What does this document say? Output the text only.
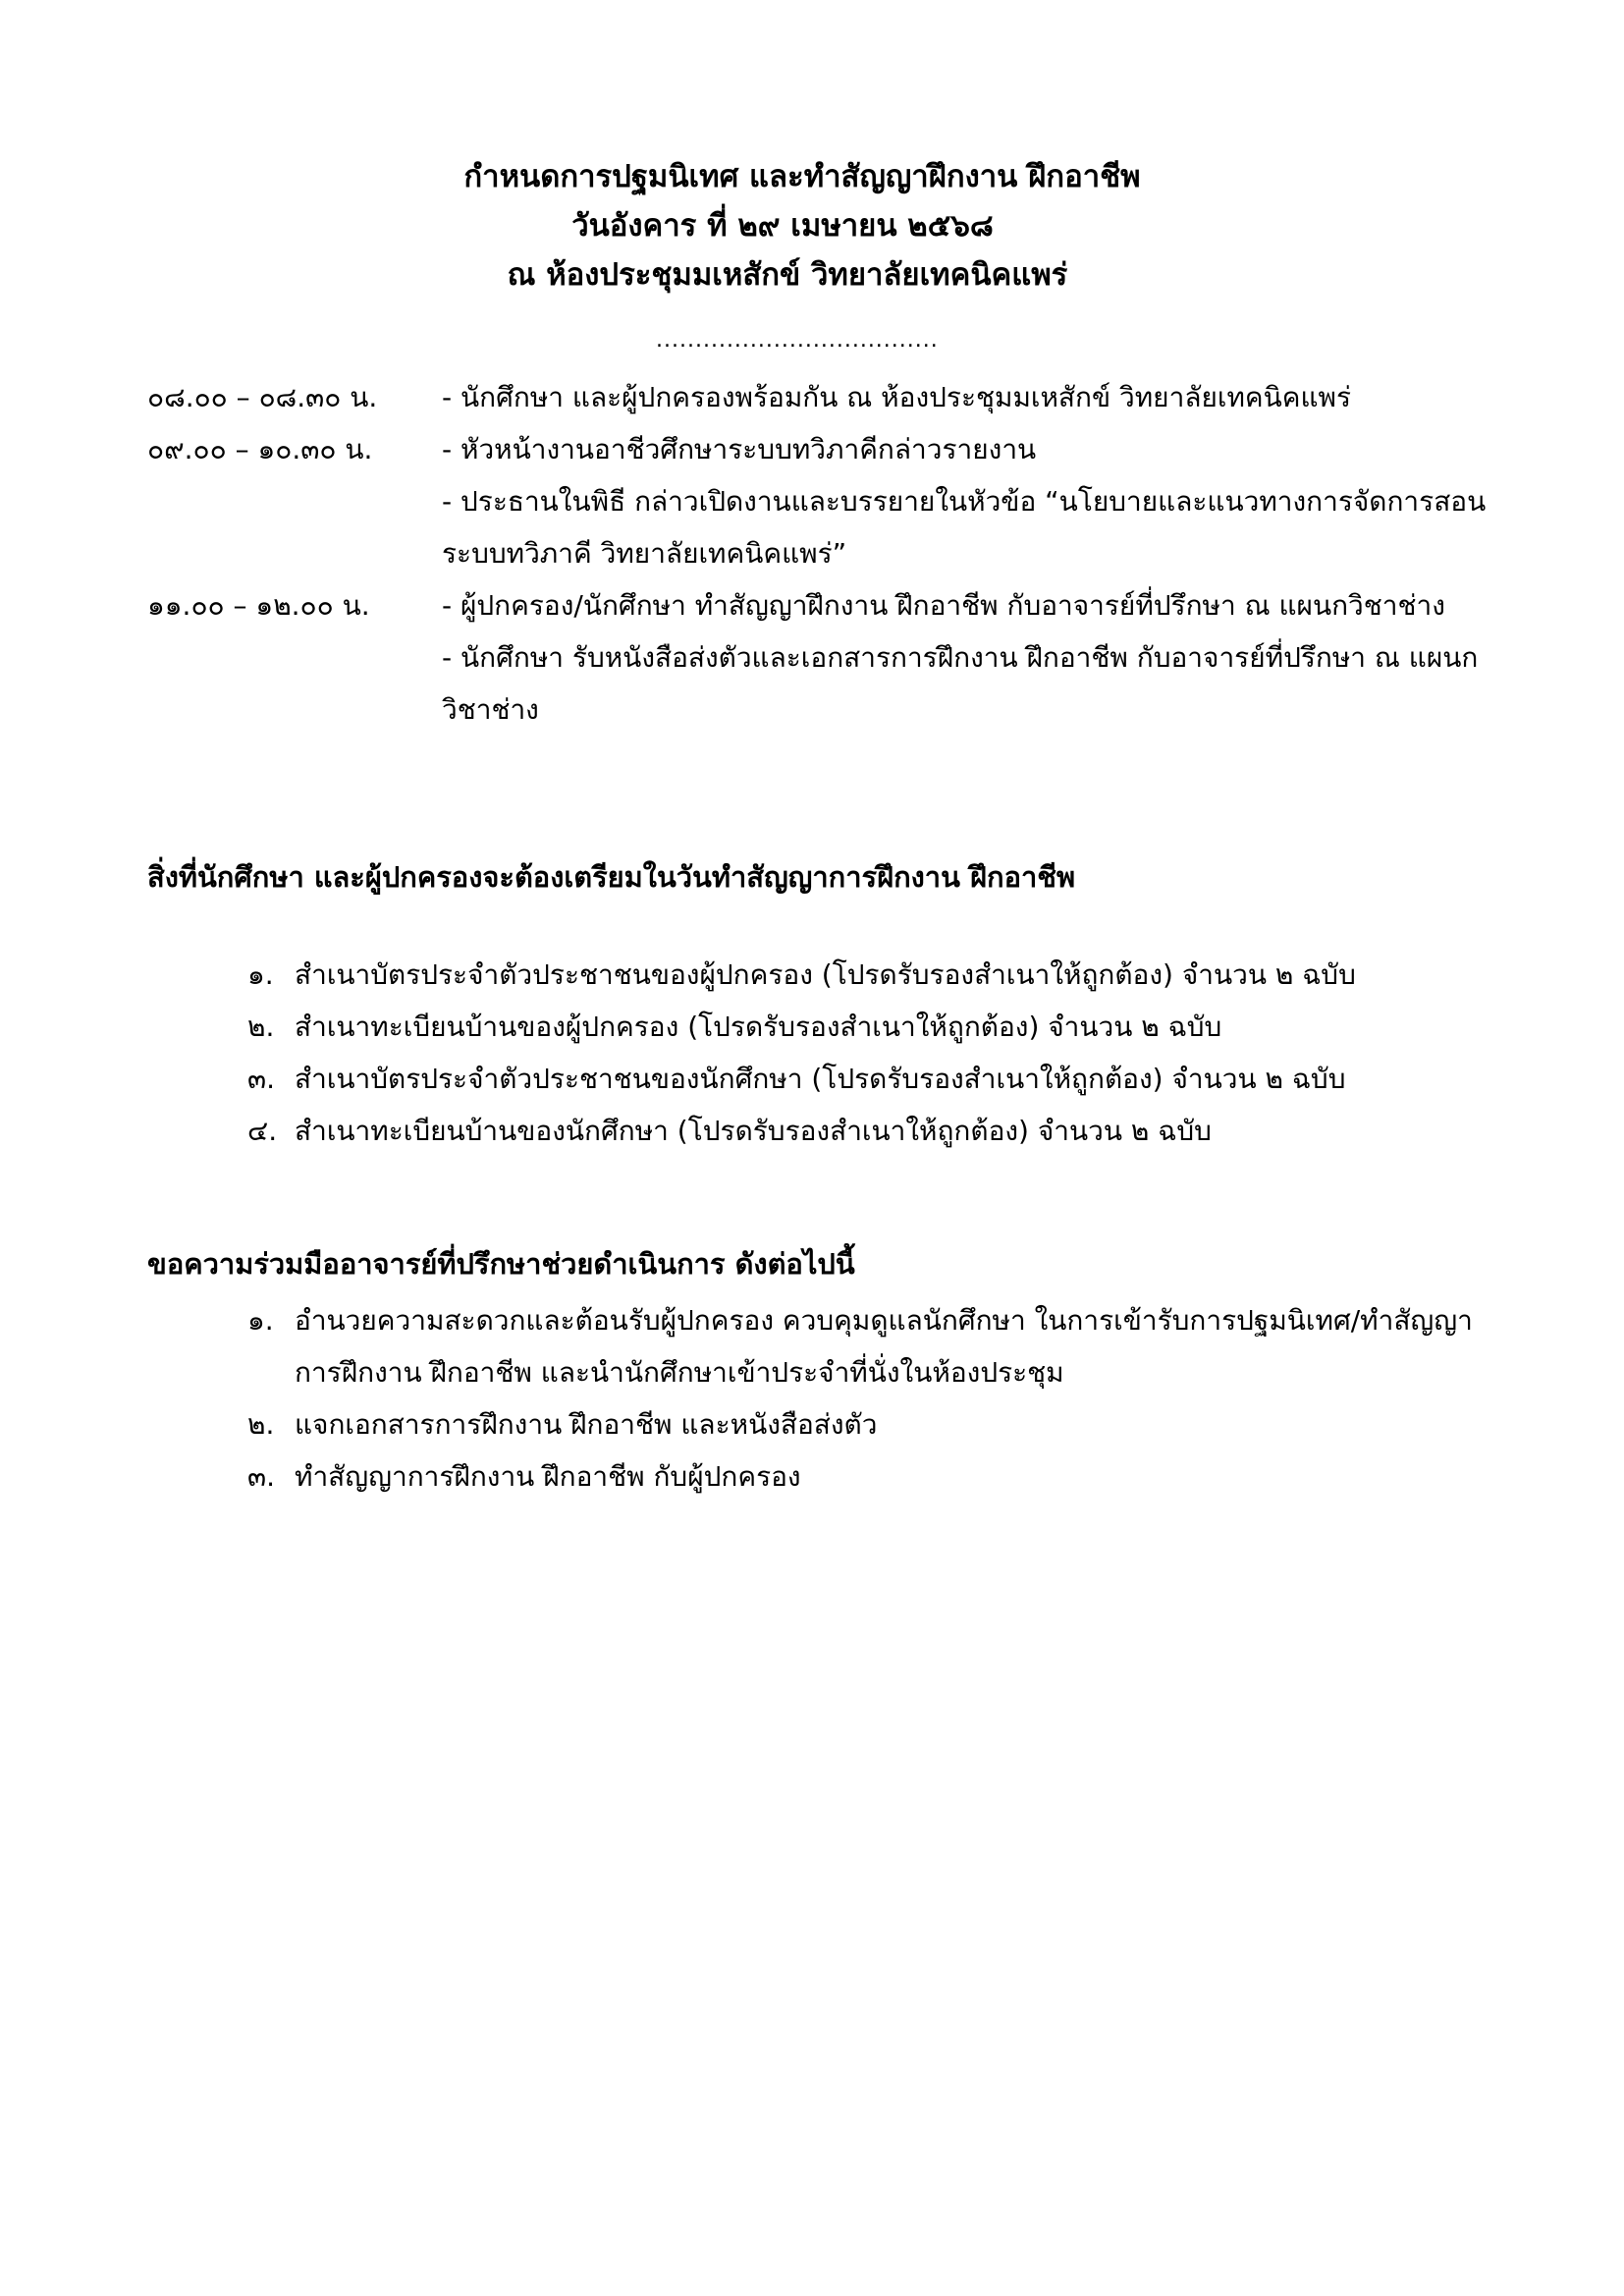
กำหนดการปฐมนิเทศ และทำสัญญาฝึกงาน ฝึกอาชีพ
วันอังคาร ที่ ๒๙ เมษายน ๒๕๖๘
ณ ห้องประชุมมเหสักข์ วิทยาลัยเทคนิคแพร่
....................................
๐๘.๐๐ – ๐๘.๓๐ น.	- นักศึกษา และผู้ปกครองพร้อมกัน ณ ห้องประชุมมเหสักข์ วิทยาลัยเทคนิคแพร่
๐๙.๐๐ – ๑๐.๓๐ น.	- หัวหน้างานอาชีวศึกษาระบบทวิภาคีกล่าวรายงาน
- ประธานในพิธี กล่าวเปิดงานและบรรยายในหัวข้อ “นโยบายและแนวทางการจัดการสอนระบบทวิภาคี วิทยาลัยเทคนิคแพร่”
๑๑.๐๐ – ๑๒.๐๐ น.	- ผู้ปกครอง/นักศึกษา ทำสัญญาฝึกงาน ฝึกอาชีพ กับอาจารย์ที่ปรึกษา ณ แผนกวิชาช่าง
- นักศึกษา รับหนังสือส่งตัวและเอกสารการฝึกงาน ฝึกอาชีพ กับอาจารย์ที่ปรึกษา ณ แผนกวิชาช่าง
สิ่งที่นักศึกษา และผู้ปกครองจะต้องเตรียมในวันทำสัญญาการฝึกงาน ฝึกอาชีพ
๑. สำเนาบัตรประจำตัวประชาชนของผู้ปกครอง (โปรดรับรองสำเนาให้ถูกต้อง) จำนวน ๒ ฉบับ
๒. สำเนาทะเบียนบ้านของผู้ปกครอง (โปรดรับรองสำเนาให้ถูกต้อง) จำนวน ๒ ฉบับ
๓. สำเนาบัตรประจำตัวประชาชนของนักศึกษา (โปรดรับรองสำเนาให้ถูกต้อง) จำนวน ๒ ฉบับ
๔. สำเนาทะเบียนบ้านของนักศึกษา (โปรดรับรองสำเนาให้ถูกต้อง) จำนวน ๒ ฉบับ
ขอความร่วมมืออาจารย์ที่ปรึกษาช่วยดำเนินการ ดังต่อไปนี้
๑. อำนวยความสะดวกและต้อนรับผู้ปกครอง ควบคุมดูแลนักศึกษา ในการเข้ารับการปฐมนิเทศ/ทำสัญญาการฝึกงาน ฝึกอาชีพ และนำนักศึกษาเข้าประจำที่นั่งในห้องประชุม
๒. แจกเอกสารการฝึกงาน ฝึกอาชีพ และหนังสือส่งตัว
๓. ทำสัญญาการฝึกงาน ฝึกอาชีพ กับผู้ปกครอง
